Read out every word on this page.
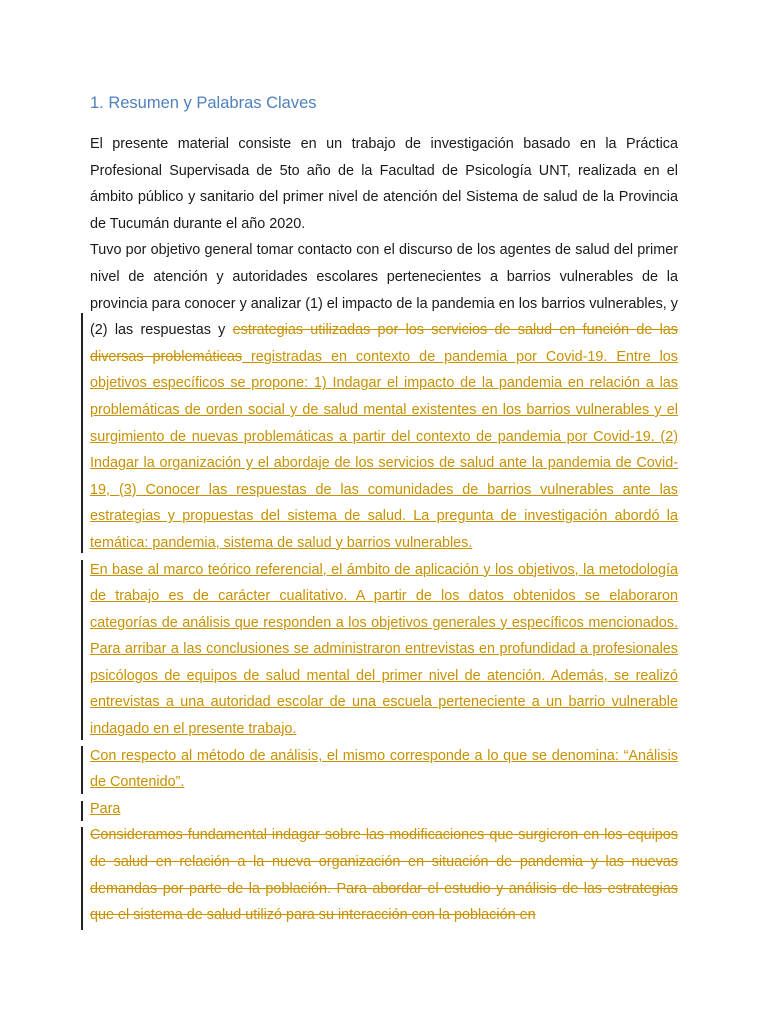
1. Resumen y Palabras Claves

El presente material consiste en un trabajo de investigación basado en la Práctica Profesional Supervisada de 5to año de la Facultad de Psicología UNT, realizada en el ámbito público y sanitario del primer nivel de atención del Sistema de salud de la Provincia de Tucumán durante el año 2020.

Tuvo por objetivo general tomar contacto con el discurso de los agentes de salud del primer nivel de atención y autoridades escolares pertenecientes a barrios vulnerables de la provincia para conocer y analizar (1) el impacto de la pandemia en los barrios vulnerables, y (2) las respuestas y estrategias utilizadas por los servicios de salud en función de las diversas problemáticas registradas en contexto de pandemia por Covid-19. Entre los objetivos específicos se propone: 1) Indagar el impacto de la pandemia en relación a las problemáticas de orden social y de salud mental existentes en los barrios vulnerables y el surgimiento de nuevas problemáticas a partir del contexto de pandemia por Covid-19. (2) Indagar la organización y el abordaje de los servicios de salud ante la pandemia de Covid-19, (3) Conocer las respuestas de las comunidades de barrios vulnerables ante las estrategias y propuestas del sistema de salud. La pregunta de investigación abordó la temática: pandemia, sistema de salud y barrios vulnerables.

En base al marco teórico referencial, el ámbito de aplicación y los objetivos, la metodología de trabajo es de carácter cualitativo. A partir de los datos obtenidos se elaboraron categorías de análisis que responden a los objetivos generales y específicos mencionados. Para arribar a las conclusiones se administraron entrevistas en profundidad a profesionales psicólogos de equipos de salud mental del primer nivel de atención. Además, se realizó entrevistas a una autoridad escolar de una escuela perteneciente a un barrio vulnerable indagado en el presente trabajo.

Con respecto al método de análisis, el mismo corresponde a lo que se denomina: “Análisis de Contenido”.

Para

Consideramos fundamental indagar sobre las modificaciones que surgieron en los equipos de salud en relación a la nueva organización en situación de pandemia y las nuevas demandas por parte de la población. Para abordar el estudio y análisis de las estrategias que el sistema de salud utilizó para su interacción con la población en
